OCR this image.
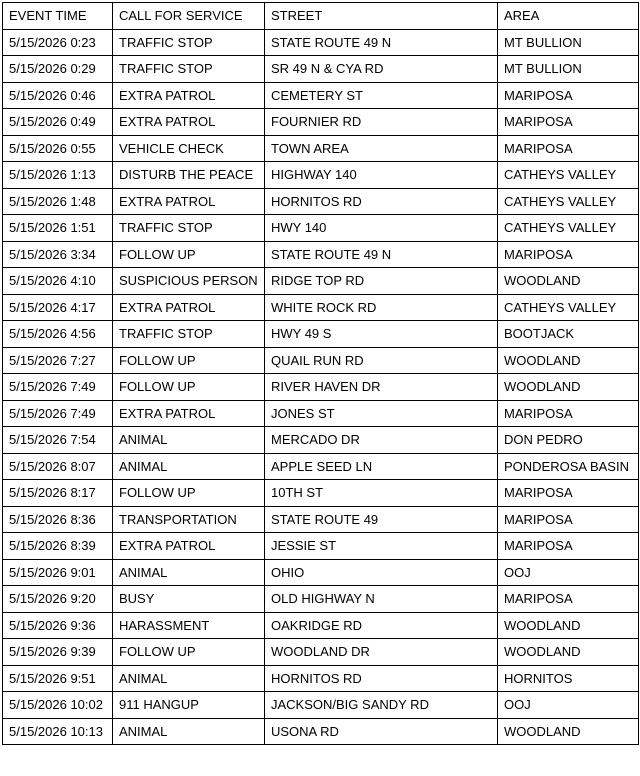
EVENT TIME	CALL FOR SERVICE	STREET	AREA
5/15/2026 0:23	TRAFFIC STOP	STATE ROUTE 49 N	MT BULLION
5/15/2026 0:29	TRAFFIC STOP	SR 49 N & CYA RD	MT BULLION
5/15/2026 0:46	EXTRA PATROL	CEMETERY ST	MARIPOSA
5/15/2026 0:49	EXTRA PATROL	FOURNIER RD	MARIPOSA
5/15/2026 0:55	VEHICLE CHECK	TOWN AREA	MARIPOSA
5/15/2026 1:13	DISTURB THE PEACE	HIGHWAY 140	CATHEYS VALLEY
5/15/2026 1:48	EXTRA PATROL	HORNITOS RD	CATHEYS VALLEY
5/15/2026 1:51	TRAFFIC STOP	HWY 140	CATHEYS VALLEY
5/15/2026 3:34	FOLLOW UP	STATE ROUTE 49 N	MARIPOSA
5/15/2026 4:10	SUSPICIOUS PERSON	RIDGE TOP RD	WOODLAND
5/15/2026 4:17	EXTRA PATROL	WHITE ROCK RD	CATHEYS VALLEY
5/15/2026 4:56	TRAFFIC STOP	HWY 49 S	BOOTJACK
5/15/2026 7:27	FOLLOW UP	QUAIL RUN RD	WOODLAND
5/15/2026 7:49	FOLLOW UP	RIVER HAVEN DR	WOODLAND
5/15/2026 7:49	EXTRA PATROL	JONES ST	MARIPOSA
5/15/2026 7:54	ANIMAL	MERCADO DR	DON PEDRO
5/15/2026 8:07	ANIMAL	APPLE SEED LN	PONDEROSA BASIN
5/15/2026 8:17	FOLLOW UP	10TH ST	MARIPOSA
5/15/2026 8:36	TRANSPORTATION	STATE ROUTE 49	MARIPOSA
5/15/2026 8:39	EXTRA PATROL	JESSIE ST	MARIPOSA
5/15/2026 9:01	ANIMAL	OHIO	OOJ
5/15/2026 9:20	BUSY	OLD HIGHWAY N	MARIPOSA
5/15/2026 9:36	HARASSMENT	OAKRIDGE RD	WOODLAND
5/15/2026 9:39	FOLLOW UP	WOODLAND DR	WOODLAND
5/15/2026 9:51	ANIMAL	HORNITOS RD	HORNITOS
5/15/2026 10:02	911 HANGUP	JACKSON/BIG SANDY RD	OOJ
5/15/2026 10:13	ANIMAL	USONA RD	WOODLAND
